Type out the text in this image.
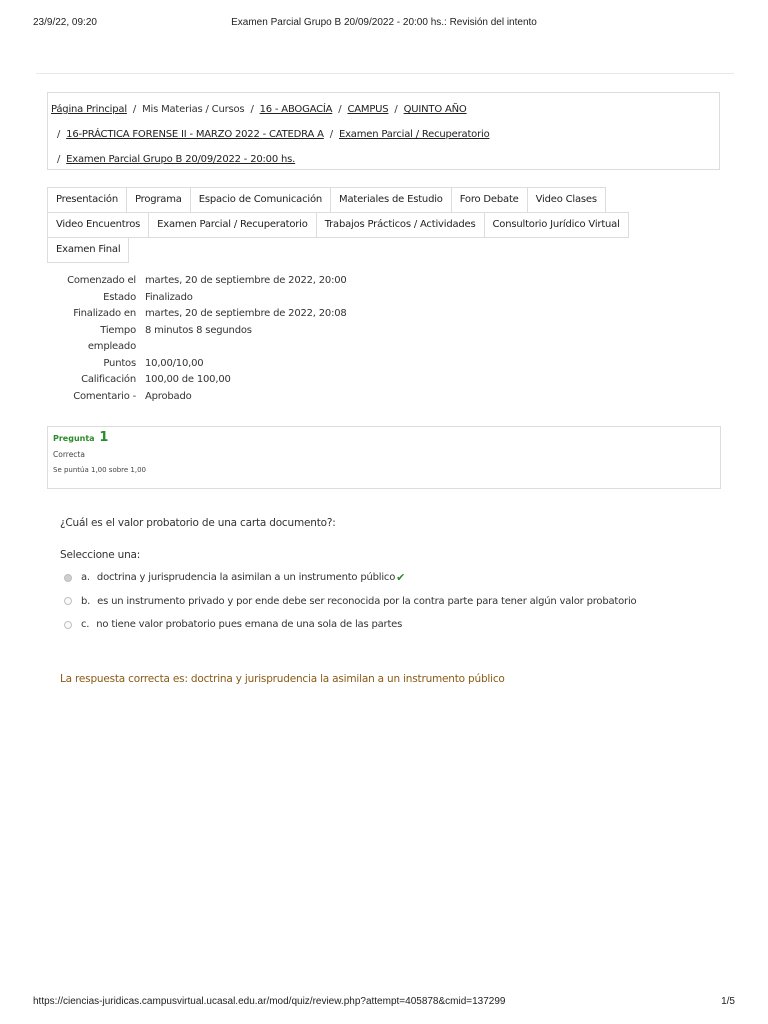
23/9/22, 09:20	Examen Parcial Grupo B 20/09/2022 - 20:00 hs.: Revisión del intento
Página Principal / Mis Materias / Cursos / 16 - ABOGACÍA / CAMPUS / QUINTO AÑO
/ 16-PRÁCTICA FORENSE II - MARZO 2022 - CATEDRA A / Examen Parcial / Recuperatorio
/ Examen Parcial Grupo B 20/09/2022 - 20:00 hs.
Presentación	Programa	Espacio de Comunicación	Materiales de Estudio	Foro Debate	Video Clases
Video Encuentros	Examen Parcial / Recuperatorio	Trabajos Prácticos / Actividades	Consultorio Jurídico Virtual
Examen Final
Comenzado el martes, 20 de septiembre de 2022, 20:00
Estado Finalizado
Finalizado en martes, 20 de septiembre de 2022, 20:08
Tiempo
empleado
8 minutos 8 segundos
Puntos 10,00/10,00
Calificación 100,00 de 100,00
Comentario - Aprobado
Pregunta 1
Correcta
Se puntúa 1,00 sobre 1,00
¿Cuál es el valor probatorio de una carta documento?:
Seleccione una:
a. doctrina y jurisprudencia la asimilan a un instrumento público ✔
b. es un instrumento privado y por ende debe ser reconocida por la contra parte para tener algún valor probatorio
c. no tiene valor probatorio pues emana de una sola de las partes
La respuesta correcta es: doctrina y jurisprudencia la asimilan a un instrumento público
https://ciencias-juridicas.campusvirtual.ucasal.edu.ar/mod/quiz/review.php?attempt=405878&cmid=137299	1/5
